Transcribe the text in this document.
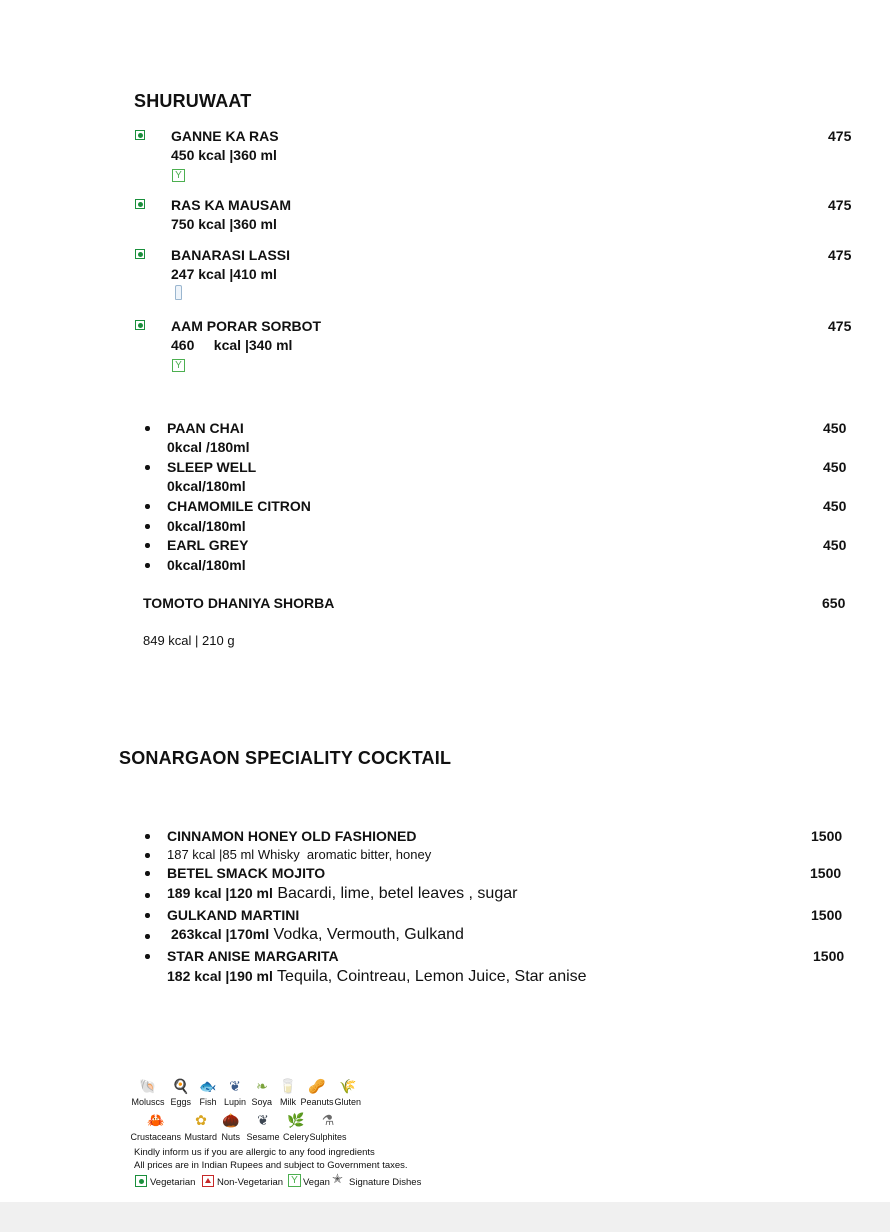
SHURUWAAT
GANNE KA RAS	475
450 kcal |360 ml
Y
RAS KA MAUSAM	475
750 kcal |360 ml
BANARASI LASSI	475
247 kcal |410 ml
AAM PORAR SORBOT	475
460     kcal |340 ml
Y
PAAN CHAI	450
0kcal /180ml
SLEEP WELL	450
0kcal/180ml
CHAMOMILE CITRON	450
0kcal/180ml
EARL GREY	450
0kcal/180ml
TOMOTO DHANIYA SHORBA	650
849 kcal | 210 g
SONARGAON SPECIALITY COCKTAIL
CINNAMON HONEY OLD FASHIONED	1500
187 kcal |85 ml Whisky  aromatic bitter, honey
BETEL SMACK MOJITO	1500
189 kcal |120 ml Bacardi, lime, betel leaves , sugar
GULKAND MARTINI	1500
263kcal |170ml Vodka, Vermouth, Gulkand
STAR ANISE MARGARITA	1500
182 kcal |190 ml Tequila, Cointreau, Lemon Juice, Star anise
🐚
Moluscs
🍳
Eggs
🐟
Fish
❦
Lupin
❧
Soya
🥛
Milk
🥜
Peanuts
🌾
Gluten
🦀
Crustaceans
✿
Mustard
🌰
Nuts
❦
Sesame
🌿
Celery
⚗
Sulphites
Kindly inform us if you are allergic to any food ingredients
All prices are in Indian Rupees and subject to Government taxes.
Vegetarian Non-Vegetarian Y Vegan ✭ Signature Dishes
